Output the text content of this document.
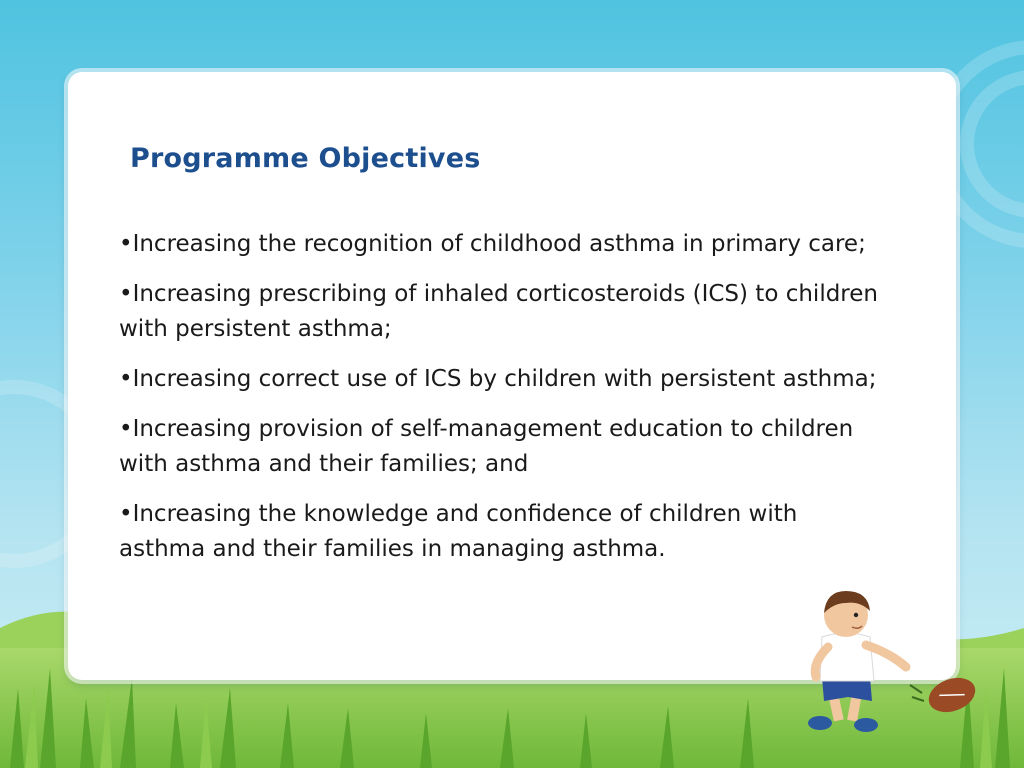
Programme Objectives
•Increasing the recognition of childhood asthma in primary care;
•Increasing prescribing of inhaled corticosteroids (ICS) to children with persistent asthma;
•Increasing correct use of ICS by children with persistent asthma;
•Increasing provision of self-management education to children with asthma and their families; and
•Increasing the knowledge and confidence of children with asthma and their families in managing asthma.
